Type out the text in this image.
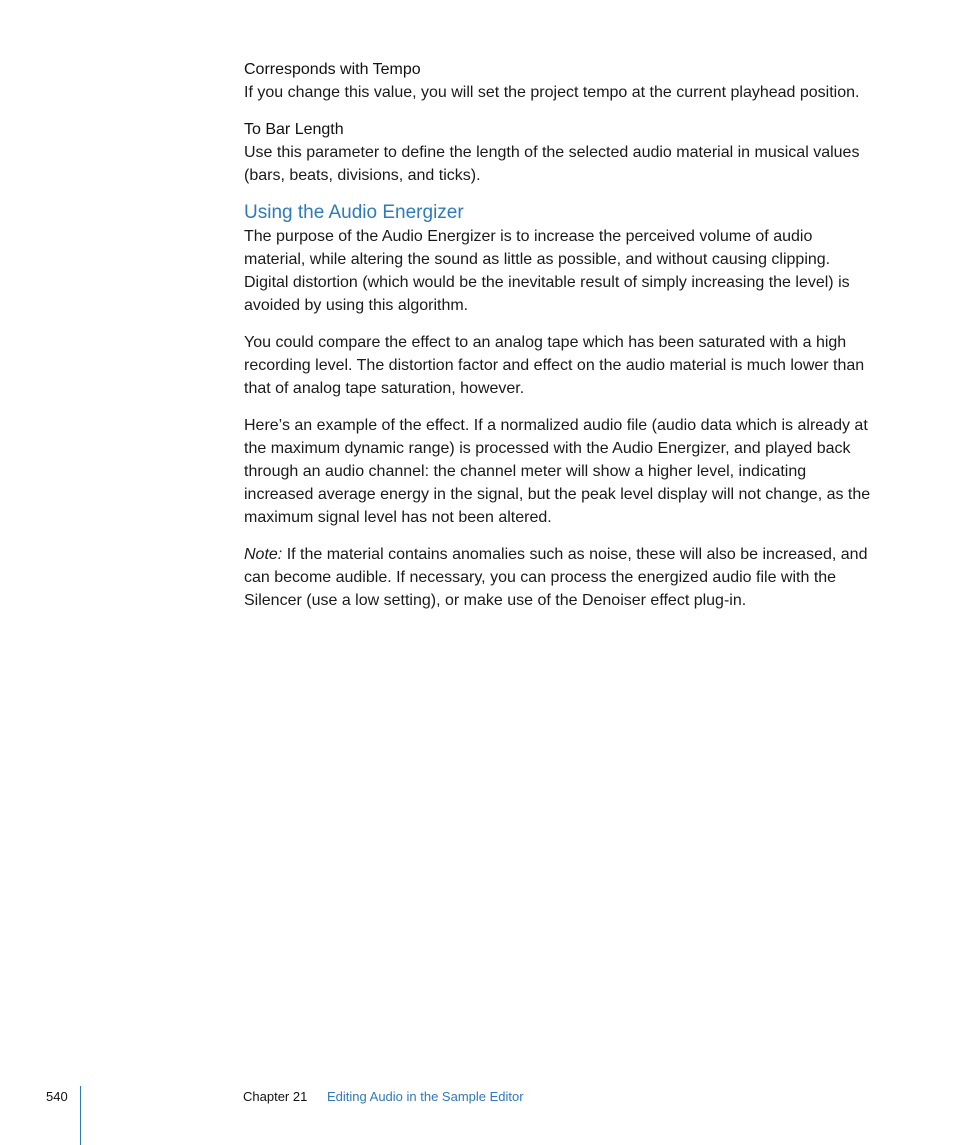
Corresponds with Tempo

If you change this value, you will set the project tempo at the current playhead position.

To Bar Length

Use this parameter to define the length of the selected audio material in musical values (bars, beats, divisions, and ticks).

Using the Audio Energizer

The purpose of the Audio Energizer is to increase the perceived volume of audio material, while altering the sound as little as possible, and without causing clipping. Digital distortion (which would be the inevitable result of simply increasing the level) is avoided by using this algorithm.

You could compare the effect to an analog tape which has been saturated with a high recording level. The distortion factor and effect on the audio material is much lower than that of analog tape saturation, however.

Here’s an example of the effect. If a normalized audio file (audio data which is already at the maximum dynamic range) is processed with the Audio Energizer, and played back through an audio channel: the channel meter will show a higher level, indicating increased average energy in the signal, but the peak level display will not change, as the maximum signal level has not been altered.

Note: If the material contains anomalies such as noise, these will also be increased, and can become audible. If necessary, you can process the energized audio file with the Silencer (use a low setting), or make use of the Denoiser effect plug-in.

540	Chapter 21 Editing Audio in the Sample Editor
